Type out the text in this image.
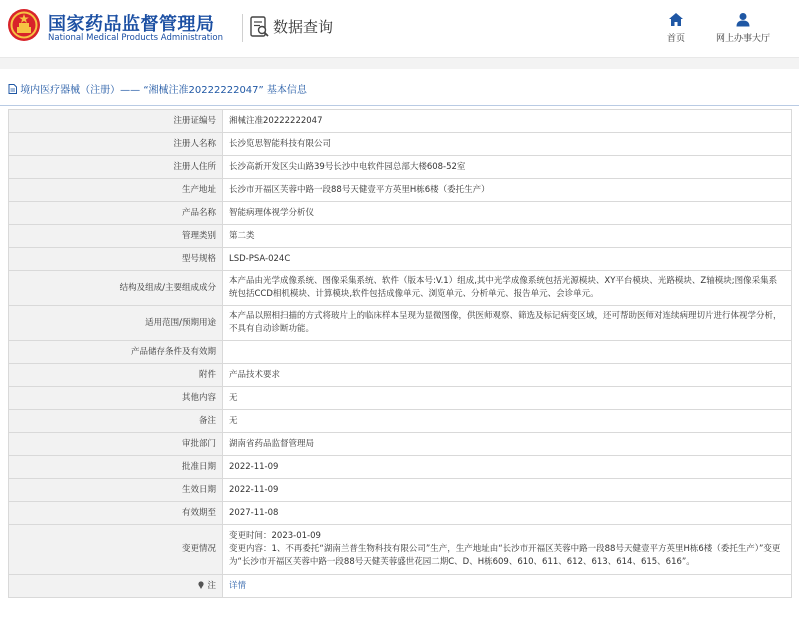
国家药品监督管理局
National Medical Products Administration
数据查询
首页	网上办事大厅
境内医疗器械（注册）—— “湘械注准20222222047” 基本信息
注册证编号	湘械注准20222222047
注册人名称	长沙览思智能科技有限公司
注册人住所	长沙高新开发区尖山路39号长沙中电软件园总部大楼608-52室
生产地址	长沙市开福区芙蓉中路一段88号天健壹平方英里H栋6楼（委托生产）
产品名称	智能病理体视学分析仪
管理类别	第二类
型号规格	LSD-PSA-024C
结构及组成/主要组成成分	本产品由光学成像系统、图像采集系统、软件（版本号:V.1）组成,其中光学成像系统包括光源模块、XY平台模块、光路模块、Z轴模块;图像采集系统包括CCD相机模块、计算模块,软件包括成像单元、浏览单元、分析单元、报告单元、会诊单元。
适用范围/预期用途	本产品以照相扫描的方式将玻片上的临床样本呈现为显微图像，供医师观察、筛选及标记病变区域，还可帮助医师对连续病理切片进行体视学分析，不具有自动诊断功能。
产品储存条件及有效期	
附件	产品技术要求
其他内容	无
备注	无
审批部门	湖南省药品监督管理局
批准日期	2022-11-09
生效日期	2022-11-09
有效期至	2027-11-08
变更情况	变更时间：2023-01-09
变更内容：1、不再委托“湖南兰普生物科技有限公司”生产，生产地址由“长沙市开福区芙蓉中路一段88号天健壹平方英里H栋6楼（委托生产）”变更为“长沙市开福区芙蓉中路一段88号天健芙蓉盛世花园二期C、D、H栋609、610、611、612、613、614、615、616”。

注	详情
